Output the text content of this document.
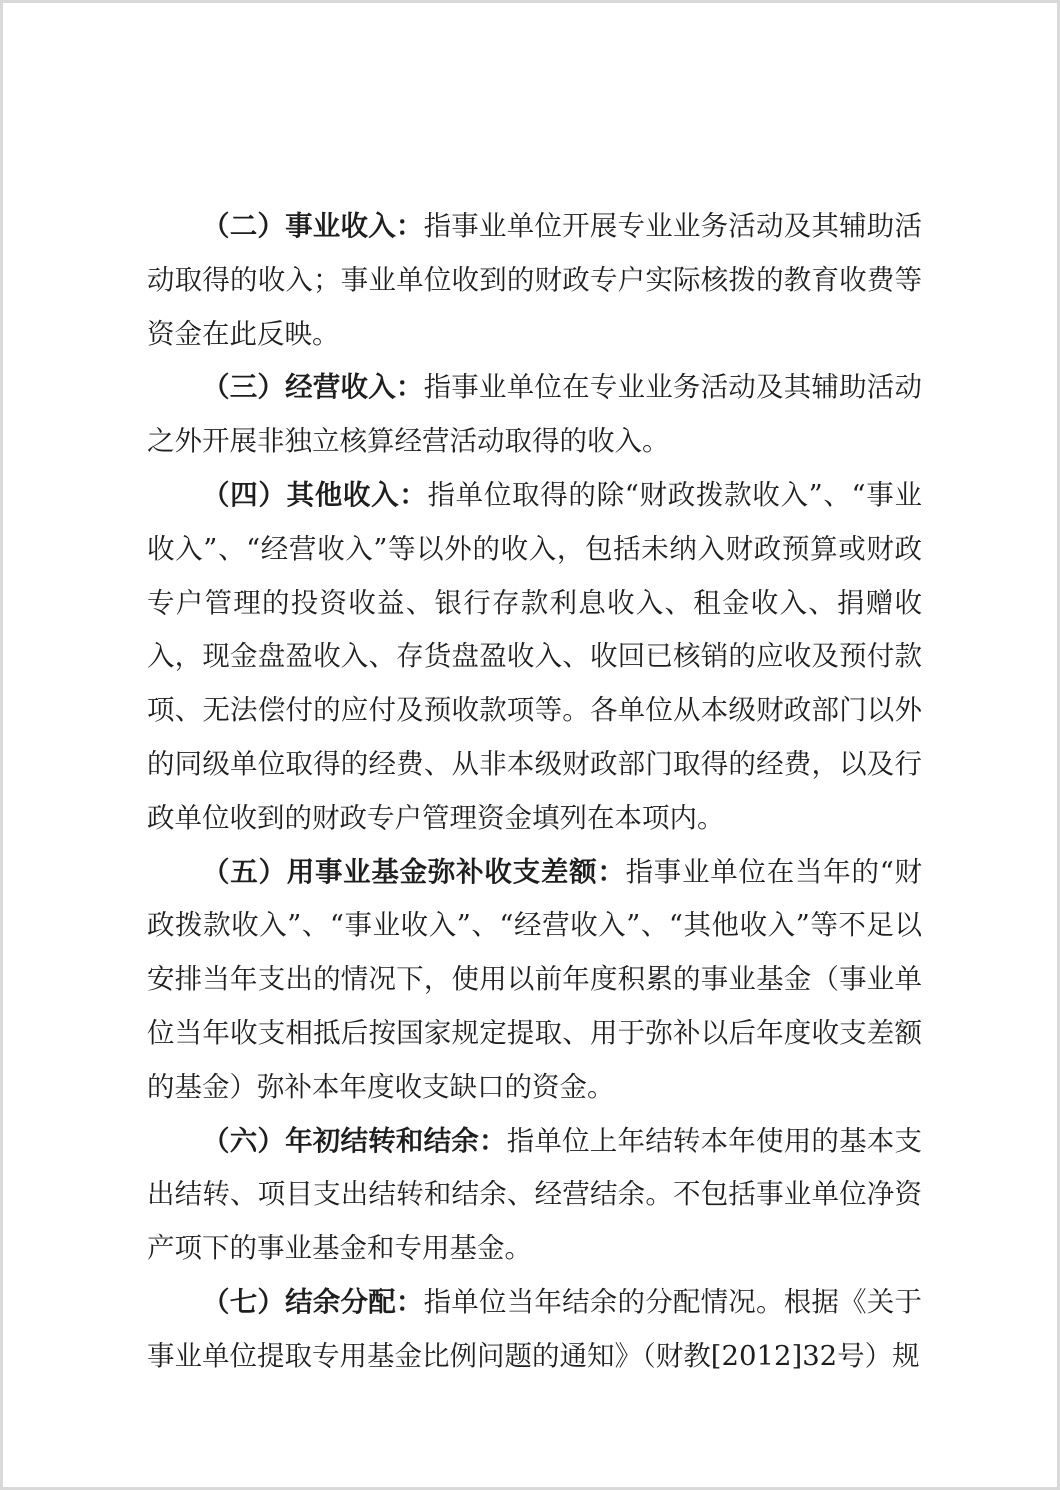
（二）事业收入：指事业单位开展专业业务活动及其辅助活动取得的收入；事业单位收到的财政专户实际核拨的教育收费等资金在此反映。

（三）经营收入：指事业单位在专业业务活动及其辅助活动之外开展非独立核算经营活动取得的收入。

（四）其他收入：指单位取得的除“财政拨款收入”、“事业收入”、“经营收入”等以外的收入，包括未纳入财政预算或财政专户管理的投资收益、银行存款利息收入、租金收入、捐赠收入，现金盘盈收入、存货盘盈收入、收回已核销的应收及预付款项、无法偿付的应付及预收款项等。各单位从本级财政部门以外的同级单位取得的经费、从非本级财政部门取得的经费，以及行政单位收到的财政专户管理资金填列在本项内。

（五）用事业基金弥补收支差额：指事业单位在当年的“财政拨款收入”、“事业收入”、“经营收入”、“其他收入”等不足以安排当年支出的情况下，使用以前年度积累的事业基金（事业单位当年收支相抵后按国家规定提取、用于弥补以后年度收支差额的基金）弥补本年度收支缺口的资金。

（六）年初结转和结余：指单位上年结转本年使用的基本支出结转、项目支出结转和结余、经营结余。不包括事业单位净资产项下的事业基金和专用基金。

（七）结余分配：指单位当年结余的分配情况。根据《关于事业单位提取专用基金比例问题的通知》（财教[2012]32号）规
